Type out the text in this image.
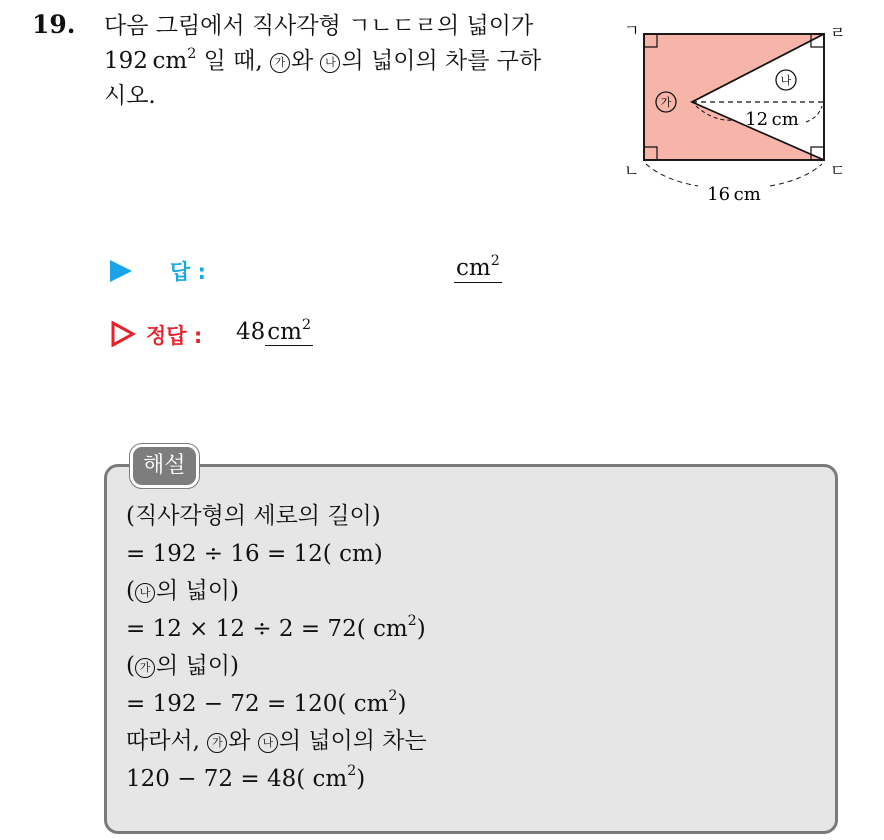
19. 다음 그림에서 직사각형 ㄱㄴㄷㄹ의 넓이가
192 $cm^2$ 일 때, 가 와 나 의 넓이의 차를 구하
시오.
ㄱ
ㄴ	ㄷ
ㄹ
가
나
12 cm
16 cm
답 :	$cm^2$
정답 : $48cm^2$
해설
(직사각형의 세로의 길이)
= 192 ÷ 16 = 12( cm)
( 나 의 넓이)
= 12 × 12 ÷ 2 = 72( $cm^2$)
( 가 의 넓이)
= 192 − 72 = 120( $cm^2$)
따라서, 가 와 나 의 넓이의 차는
120 − 72 = 48( $cm^2$)
